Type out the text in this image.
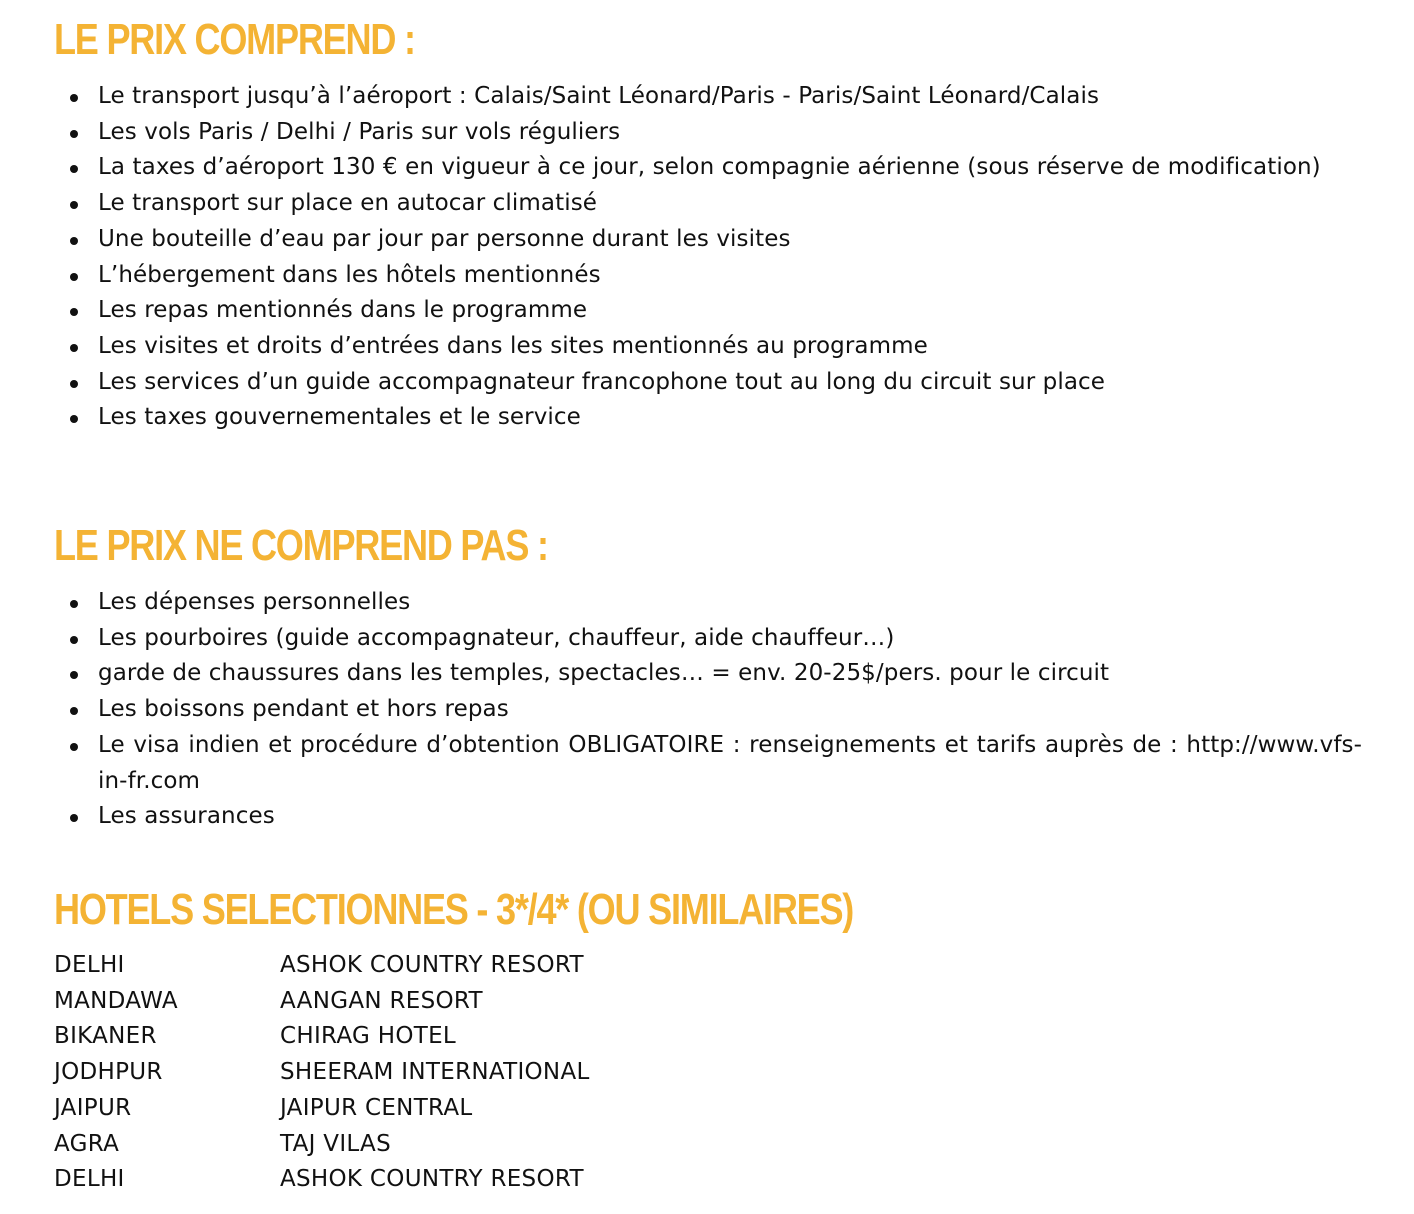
LE PRIX COMPREND :
Le transport jusqu’à l’aéroport : Calais/Saint Léonard/Paris - Paris/Saint Léonard/Calais
Les vols Paris / Delhi / Paris sur vols réguliers
La taxes d’aéroport 130 € en vigueur à ce jour, selon compagnie aérienne (sous réserve de modification)
Le transport sur place en autocar climatisé
Une bouteille d’eau par jour par personne durant les visites
L’hébergement dans les hôtels mentionnés
Les repas mentionnés dans le programme
Les visites et droits d’entrées dans les sites mentionnés au programme
Les services d’un guide accompagnateur francophone tout au long du circuit sur place
Les taxes gouvernementales et le service
LE PRIX NE COMPREND PAS :
Les dépenses personnelles
Les pourboires (guide accompagnateur, chauffeur, aide chauffeur…)
garde de chaussures dans les temples, spectacles… = env. 20-25$/pers. pour le circuit
Les boissons pendant et hors repas
Le visa indien et procédure d’obtention OBLIGATOIRE : renseignements et tarifs auprès de : http://www.vfs-in-fr.com
Les assurances
HOTELS SELECTIONNES - 3*/4* (OU SIMILAIRES)
DELHI	ASHOK COUNTRY RESORT
MANDAWA	AANGAN RESORT
BIKANER	CHIRAG HOTEL
JODHPUR	SHEERAM INTERNATIONAL
JAIPUR	JAIPUR CENTRAL
AGRA	TAJ VILAS
DELHI	ASHOK COUNTRY RESORT
